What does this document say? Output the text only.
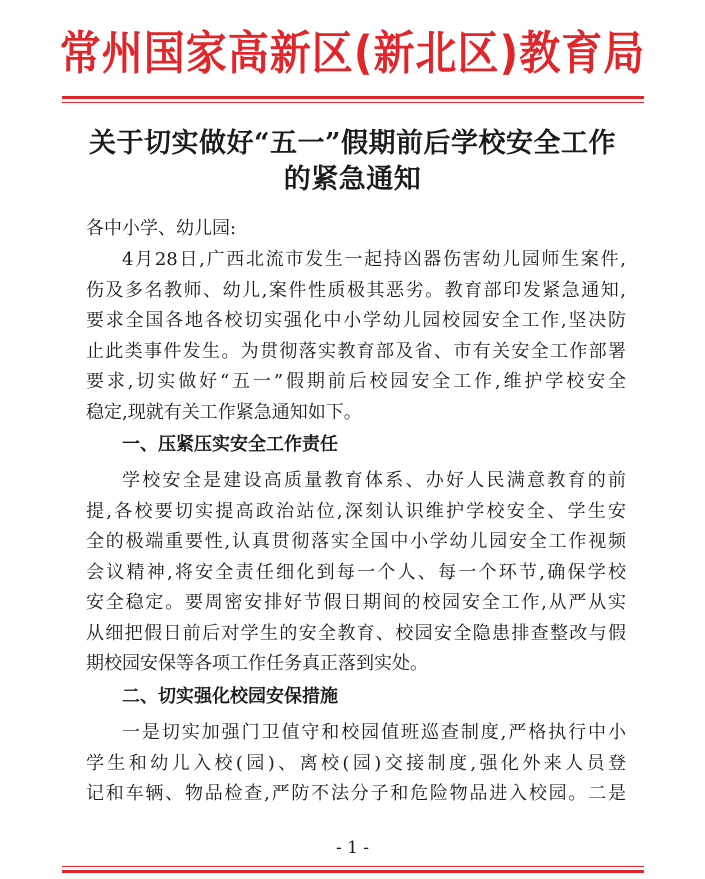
常州国家高新区(新北区)教育局
关于切实做好“五一”假期前后学校安全工作
的紧急通知
各中小学、幼儿园:
4月28日,广西北流市发生一起持凶器伤害幼儿园师生案件,
伤及多名教师、幼儿,案件性质极其恶劣。教育部印发紧急通知,
要求全国各地各校切实强化中小学幼儿园校园安全工作,坚决防
止此类事件发生。为贯彻落实教育部及省、市有关安全工作部署
要求,切实做好“五一”假期前后校园安全工作,维护学校安全
稳定,现就有关工作紧急通知如下。
一、压紧压实安全工作责任
学校安全是建设高质量教育体系、办好人民满意教育的前
提,各校要切实提高政治站位,深刻认识维护学校安全、学生安
全的极端重要性,认真贯彻落实全国中小学幼儿园安全工作视频
会议精神,将安全责任细化到每一个人、每一个环节,确保学校
安全稳定。要周密安排好节假日期间的校园安全工作,从严从实
从细把假日前后对学生的安全教育、校园安全隐患排查整改与假
期校园安保等各项工作任务真正落到实处。
二、切实强化校园安保措施
一是切实加强门卫值守和校园值班巡查制度,严格执行中小
学生和幼儿入校(园)、离校(园)交接制度,强化外来人员登
记和车辆、物品检查,严防不法分子和危险物品进入校园。二是
- 1 -
